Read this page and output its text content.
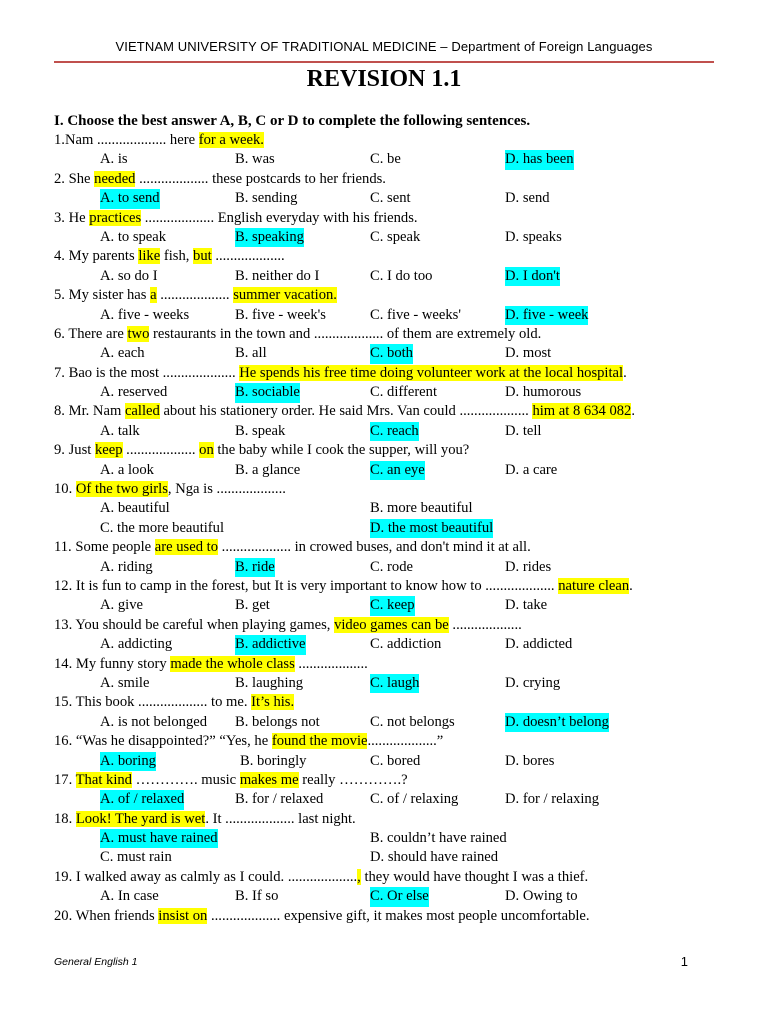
VIETNAM UNIVERSITY OF TRADITIONAL MEDICINE – Department of Foreign Languages
REVISION 1.1
I. Choose the best answer A, B, C or D to complete the following sentences.
1.Nam ................... here for a week.
A. is	B. was	C. be	D. has been
2. She needed ................... these postcards to her friends.
A. to send	B. sending	C. sent	D. send
3. He practices ................... English everyday with his friends.
A. to speak	B. speaking	C. speak	D. speaks
4. My parents like fish, but ...................
A. so do I	B. neither do I	C. I do too	D. I don't
5. My sister has a ................... summer vacation.
A. five - weeks	B. five - week's	C. five - weeks'	D. five - week
6. There are two restaurants in the town and ................... of them are extremely old.
A. each	B. all	C. both	D. most
7. Bao is the most .................... He spends his free time doing volunteer work at the local hospital.
A. reserved	B. sociable	C. different	D. humorous
8. Mr. Nam called about his stationery order. He said Mrs. Van could ................... him at 8 634 082.
A. talk	B. speak	C. reach	D. tell
9. Just keep ................... on the baby while I cook the supper, will you?
A. a look	B. a glance	C. an eye	D. a care
10. Of the two girls, Nga is ...................
A. beautiful	B. more beautiful
C. the more beautiful	D. the most beautiful
11. Some people are used to ................... in crowed buses, and don't mind it at all.
A. riding	B. ride	C. rode	D. rides
12. It is fun to camp in the forest, but It is very important to know how to ................... nature clean.
A. give	B. get	C. keep	D. take
13. You should be careful when playing games, video games can be ...................
A. addicting	B. addictive	C. addiction	D. addicted
14. My funny story made the whole class ...................
A. smile	B. laughing	C. laugh	D. crying
15. This book ................... to me. It’s his.
A. is not belonged B. belongs not	C. not belongs	D. doesn’t belong
16. “Was he disappointed?” “Yes, he found the movie...................”
A. boring	B. boringly	C. bored	D. bores
17. That kind …………. music makes me really ………….?
A. of / relaxed	B. for / relaxed	C. of / relaxing	D. for / relaxing
18. Look! The yard is wet. It ................... last night.
A. must have rained	B. couldn’t have rained
C. must rain	D. should have rained
19. I walked away as calmly as I could. ..................., they would have thought I was a thief.
A. In case	B. If so	C. Or else	D. Owing to
20. When friends insist on ................... expensive gift, it makes most people uncomfortable.
General English 1	1
